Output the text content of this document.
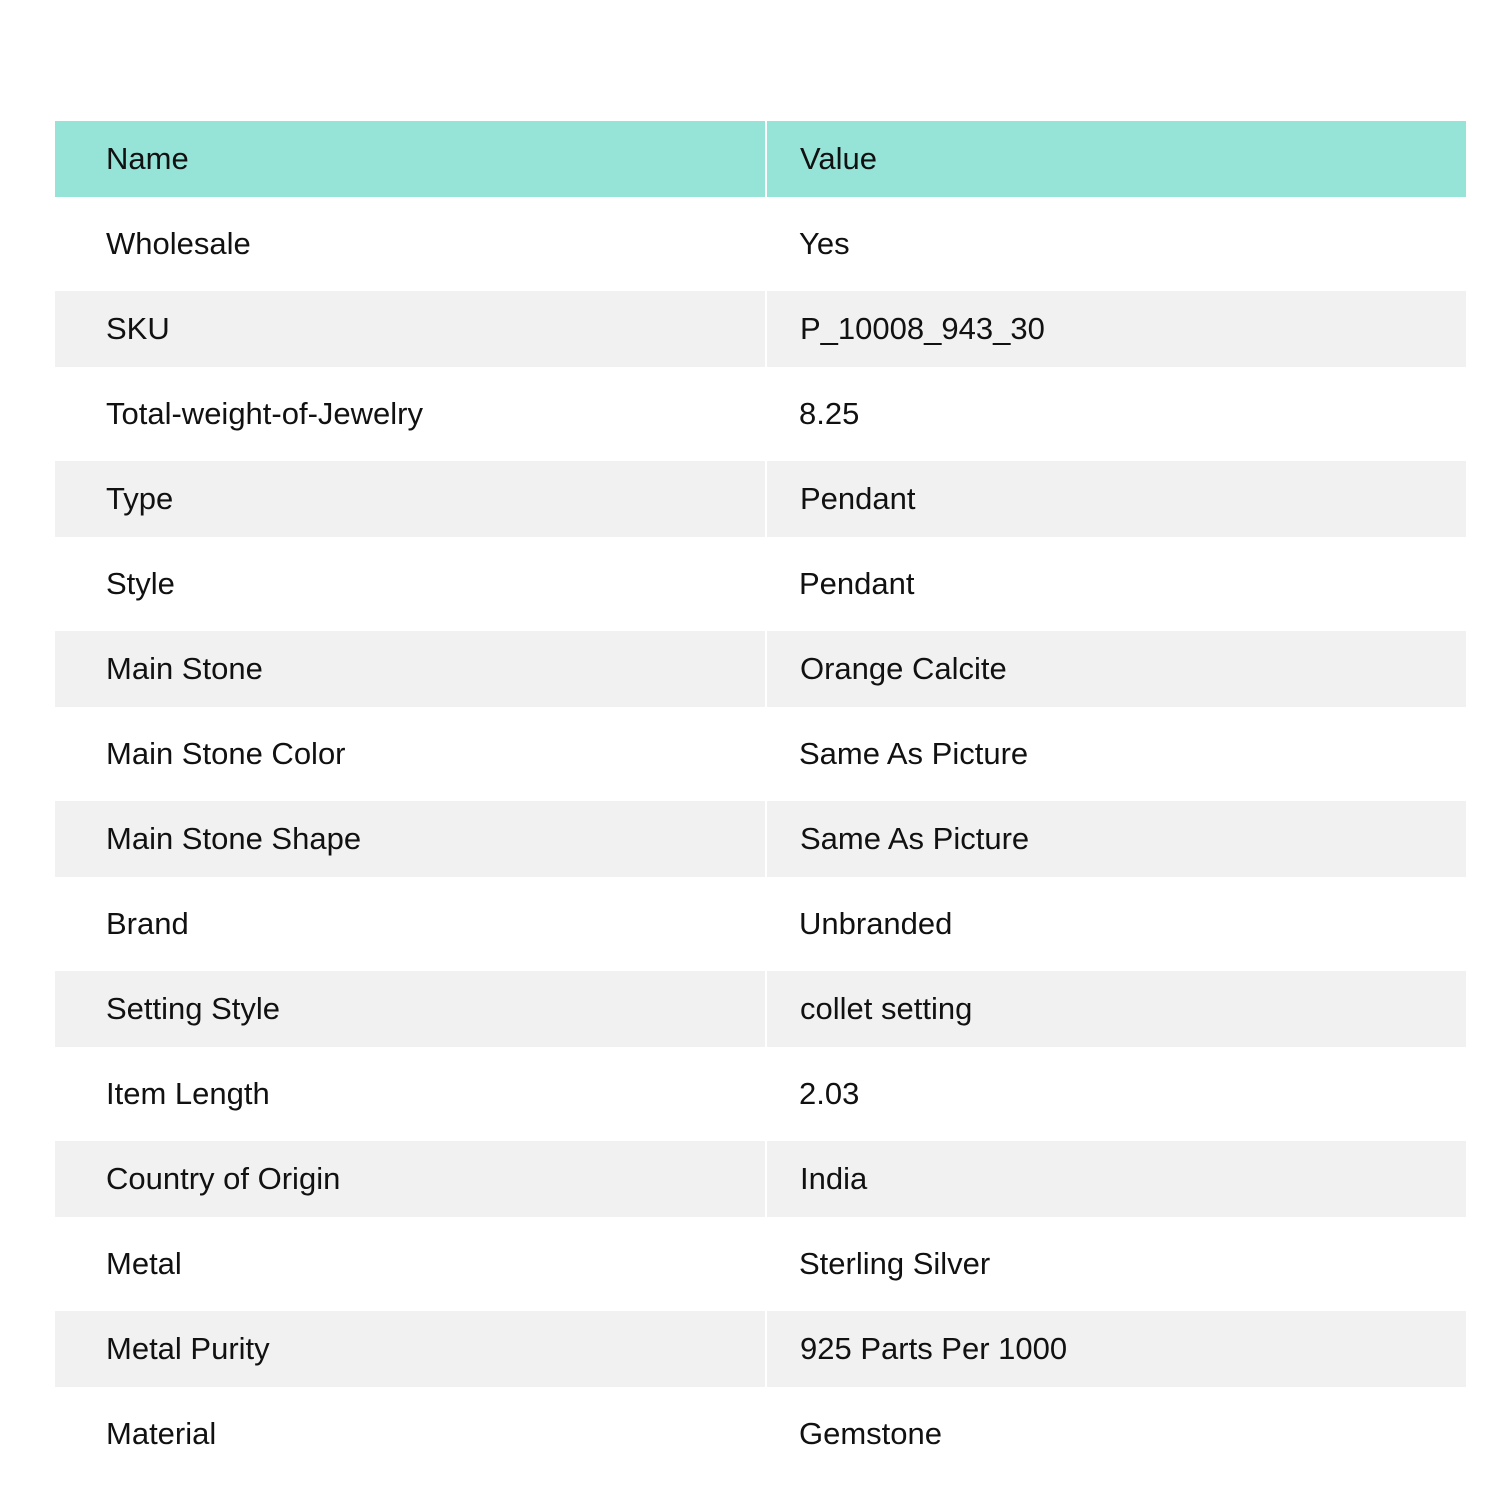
Name	Value
Wholesale	Yes
SKU	P_10008_943_30
Total-weight-of-Jewelry	8.25
Type	Pendant
Style	Pendant
Main Stone	Orange Calcite
Main Stone Color	Same As Picture
Main Stone Shape	Same As Picture
Brand	Unbranded
Setting Style	collet setting
Item Length	2.03
Country of Origin	India
Metal	Sterling Silver
Metal Purity	925 Parts Per 1000
Material	Gemstone
